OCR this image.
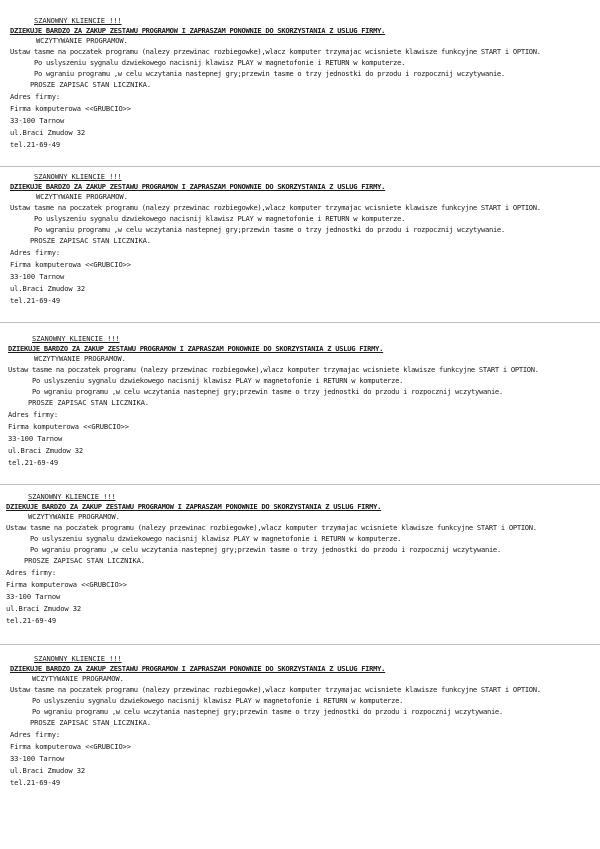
SZANOWNY KLIENCIE !!!
DZIEKUJE BARDZO ZA ZAKUP ZESTAWU PROGRAMOW I ZAPRASZAM PONOWNIE DO SKORZYSTANIA Z USLUG FIRMY.
WCZYTYWANIE PROGRAMOW.
Ustaw tasme na poczatek programu (nalezy przewinac rozbiegowke),wlacz komputer trzymajac wcisniete klawisze funkcyjne START i OPTION.
Po uslyszeniu sygnalu dzwiekowego nacisnij klawisz PLAY w magnetofonie i RETURN w komputerze.
Po wgraniu programu ,w celu wczytania nastepnej gry;przewin tasme o trzy jednostki do przodu i rozpocznij wczytywanie.
PROSZE ZAPISAC STAN LICZNIKA.
Adres firmy:
Firma komputerowa <<GRUBCIO>>
33-100 Tarnow
ul.Braci Zmudow 32
tel.21-69-49
SZANOWNY KLIENCIE !!!
DZIEKUJE BARDZO ZA ZAKUP ZESTAWU PROGRAMOW I ZAPRASZAM PONOWNIE DO SKORZYSTANIA Z USLUG FIRMY.
WCZYTYWANIE PROGRAMOW.
Ustaw tasme na poczatek programu (nalezy przewinac rozbiegowke),wlacz komputer trzymajac wcisniete klawisze funkcyjne START i OPTION.
Po uslyszeniu sygnalu dzwiekowego nacisnij klawisz PLAY w magnetofonie i RETURN w komputerze.
Po wgraniu programu ,w celu wczytania nastepnej gry;przewin tasme o trzy jednostki do przodu i rozpocznij wczytywanie.
PROSZE ZAPISAC STAN LICZNIKA.
Adres firmy:
Firma komputerowa <<GRUBCIO>>
33-100 Tarnow
ul.Braci Zmudow 32
tel.21-69-49
SZANOWNY KLIENCIE !!!
DZIEKUJE BARDZO ZA ZAKUP ZESTAWU PROGRAMOW I ZAPRASZAM PONOWNIE DO SKORZYSTANIA Z USLUG FIRMY.
WCZYTYWANIE PROGRAMOW.
Ustaw tasme na poczatek programu (nalezy przewinac rozbiegowke),wlacz komputer trzymajac wcisniete klawisze funkcyjne START i OPTION.
Po uslyszeniu sygnalu dzwiekowego nacisnij klawisz PLAY w magnetofonie i RETURN w komputerze.
Po wgraniu programu ,w celu wczytania nastepnej gry;przewin tasme o trzy jednostki do przodu i rozpocznij wczytywanie.
PROSZE ZAPISAC STAN LICZNIKA.
Adres firmy:
Firma komputerowa <<GRUBCIO>>
33-100 Tarnow
ul.Braci Zmudow 32
tel.21-69-49
SZANOWNY KLIENCIE !!!
DZIEKUJE BARDZO ZA ZAKUP ZESTAWU PROGRAMOW I ZAPRASZAM PONOWNIE DO SKORZYSTANIA Z USLUG FIRMY.
WCZYTYWANIE PROGRAMOW.
Ustaw tasme na poczatek programu (nalezy przewinac rozbiegowke),wlacz komputer trzymajac wcisniete klawisze funkcyjne START i OPTION.
Po uslyszeniu sygnalu dzwiekowego nacisnij klawisz PLAY w magnetofonie i RETURN w komputerze.
Po wgraniu programu ,w celu wczytania nastepnej gry;przewin tasme o trzy jednostki do przodu i rozpocznij wczytywanie.
PROSZE ZAPISAC STAN LICZNIKA.
Adres firmy:
Firma komputerowa <<GRUBCIO>>
33-100 Tarnow
ul.Braci Zmudow 32
tel.21-69-49
SZANOWNY KLIENCIE !!!
DZIEKUJE BARDZO ZA ZAKUP ZESTAWU PROGRAMOW I ZAPRASZAM PONOWNIE DO SKORZYSTANIA Z USLUG FIRMY.
WCZYTYWANIE PROGRAMOW.
Ustaw tasme na poczatek programu (nalezy przewinac rozbiegowke),wlacz komputer trzymajac wcisniete klawisze funkcyjne START i OPTION.
Po uslyszeniu sygnalu dzwiekowego nacisnij klawisz PLAY w magnetofonie i RETURN w komputerze.
Po wgraniu programu ,w celu wczytania nastepnej gry;przewin tasme o trzy jednostki do przodu i rozpocznij wczytywanie.
PROSZE ZAPISAC STAN LICZNIKA.
Adres firmy:
Firma komputerowa <<GRUBCIO>>
33-100 Tarnow
ul.Braci Zmudow 32
tel.21-69-49
